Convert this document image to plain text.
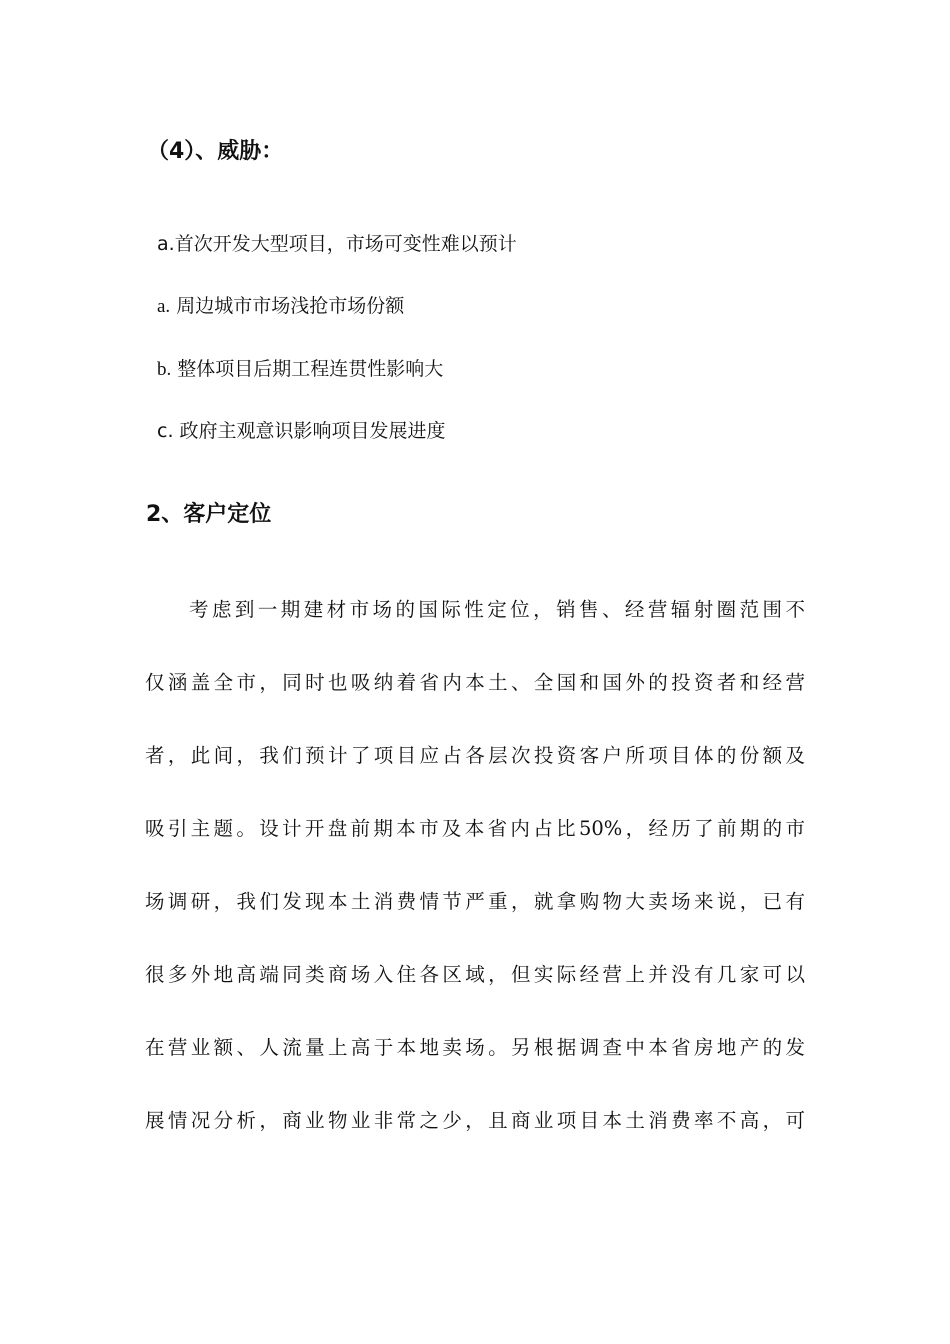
（4）、威胁：

a.首次开发大型项目，市场可变性难以预计

a. 周边城市市场浅抢市场份额

b. 整体项目后期工程连贯性影响大

c. 政府主观意识影响项目发展进度

2、客户定位
考虑到一期建材市场的国际性定位，销售、经营辐射圈范围不
仅涵盖全市，同时也吸纳着省内本土、全国和国外的投资者和经营
者，此间，我们预计了项目应占各层次投资客户所项目体的份额及
吸引主题。设计开盘前期本市及本省内占比50%，经历了前期的市
场调研，我们发现本土消费情节严重，就拿购物大卖场来说，已有
很多外地高端同类商场入住各区域，但实际经营上并没有几家可以
在营业额、人流量上高于本地卖场。另根据调查中本省房地产的发
展情况分析，商业物业非常之少，且商业项目本土消费率不高，可
